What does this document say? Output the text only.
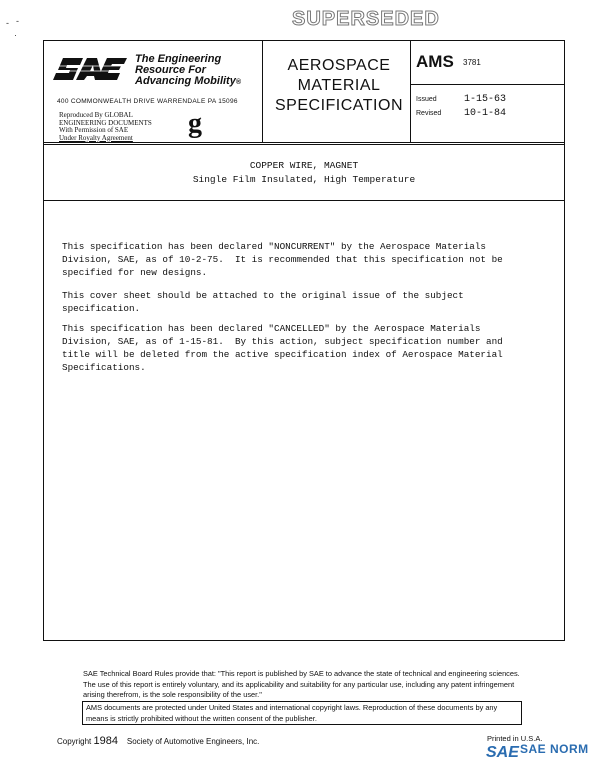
SUPERSEDED
- -
·
The Engineering
Resource For
Advancing Mobility®
400 COMMONWEALTH DRIVE WARRENDALE PA 15096
Reproduced By GLOBAL
ENGINEERING DOCUMENTS
With Permission of SAE
Under Royalty Agreement	g
AEROSPACE
MATERIAL
SPECIFICATION
AMS 3781
Issued	1-15-63
Revised 10-1-84
COPPER WIRE, MAGNET
Single Film Insulated, High Temperature
This specification has been declared "NONCURRENT" by the Aerospace Materials
Division, SAE, as of 10-2-75.  It is recommended that this specification not be
specified for new designs.
This cover sheet should be attached to the original issue of the subject
specification.
This specification has been declared "CANCELLED" by the Aerospace Materials
Division, SAE, as of 1-15-81.  By this action, subject specification number and
title will be deleted from the active specification index of Aerospace Material
Specifications.
SAE Technical Board Rules provide that: "This report is published by SAE to advance the state of technical and engineering sciences. The use of this report is entirely voluntary, and its applicability and suitability for any particular use, including any patent infringement arising therefrom, is the sole responsibility of the user."
AMS documents are protected under United States and international copyright laws. Reproduction of these documents by any means is strictly prohibited without the written consent of the publisher.
Copyright 1984 Society of Automotive Engineers, Inc.	Printed in U.S.A.
SAE SAE NORM
